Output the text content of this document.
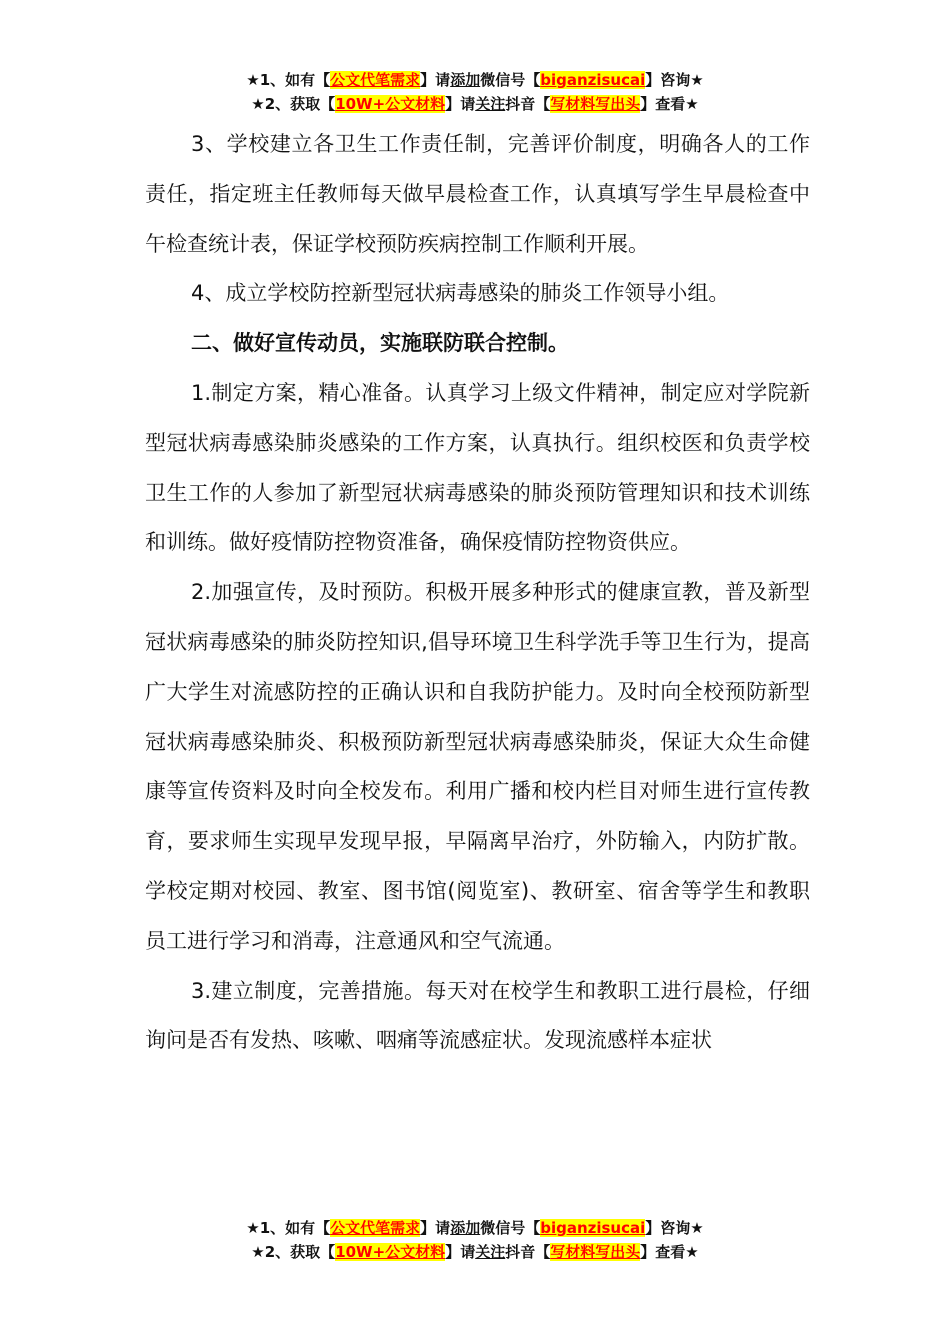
★1、如有【公文代笔需求】请添加微信号【biganzisucai】咨询★
★2、获取【10W+公文材料】请关注抖音【写材料写出头】查看★

3、学校建立各卫生工作责任制，完善评价制度，明确各人的工作责任，指定班主任教师每天做早晨检查工作，认真填写学生早晨检查中午检查统计表，保证学校预防疾病控制工作顺利开展。

4、成立学校防控新型冠状病毒感染的肺炎工作领导小组。

二、做好宣传动员，实施联防联合控制。

1.制定方案，精心准备。认真学习上级文件精神，制定应对学院新型冠状病毒感染肺炎感染的工作方案，认真执行。组织校医和负责学校卫生工作的人参加了新型冠状病毒感染的肺炎预防管理知识和技术训练和训练。做好疫情防控物资准备，确保疫情防控物资供应。

2.加强宣传，及时预防。积极开展多种形式的健康宣教，普及新型冠状病毒感染的肺炎防控知识,倡导环境卫生科学洗手等卫生行为，提高广大学生对流感防控的正确认识和自我防护能力。及时向全校预防新型冠状病毒感染肺炎、积极预防新型冠状病毒感染肺炎，保证大众生命健康等宣传资料及时向全校发布。利用广播和校内栏目对师生进行宣传教育，要求师生实现早发现早报，早隔离早治疗，外防输入，内防扩散。学校定期对校园、教室、图书馆(阅览室)、教研室、宿舍等学生和教职员工进行学习和消毒，注意通风和空气流通。

3.建立制度，完善措施。每天对在校学生和教职工进行晨检，仔细询问是否有发热、咳嗽、咽痛等流感症状。发现流感样本症状

★1、如有【公文代笔需求】请添加微信号【biganzisucai】咨询★
★2、获取【10W+公文材料】请关注抖音【写材料写出头】查看★
